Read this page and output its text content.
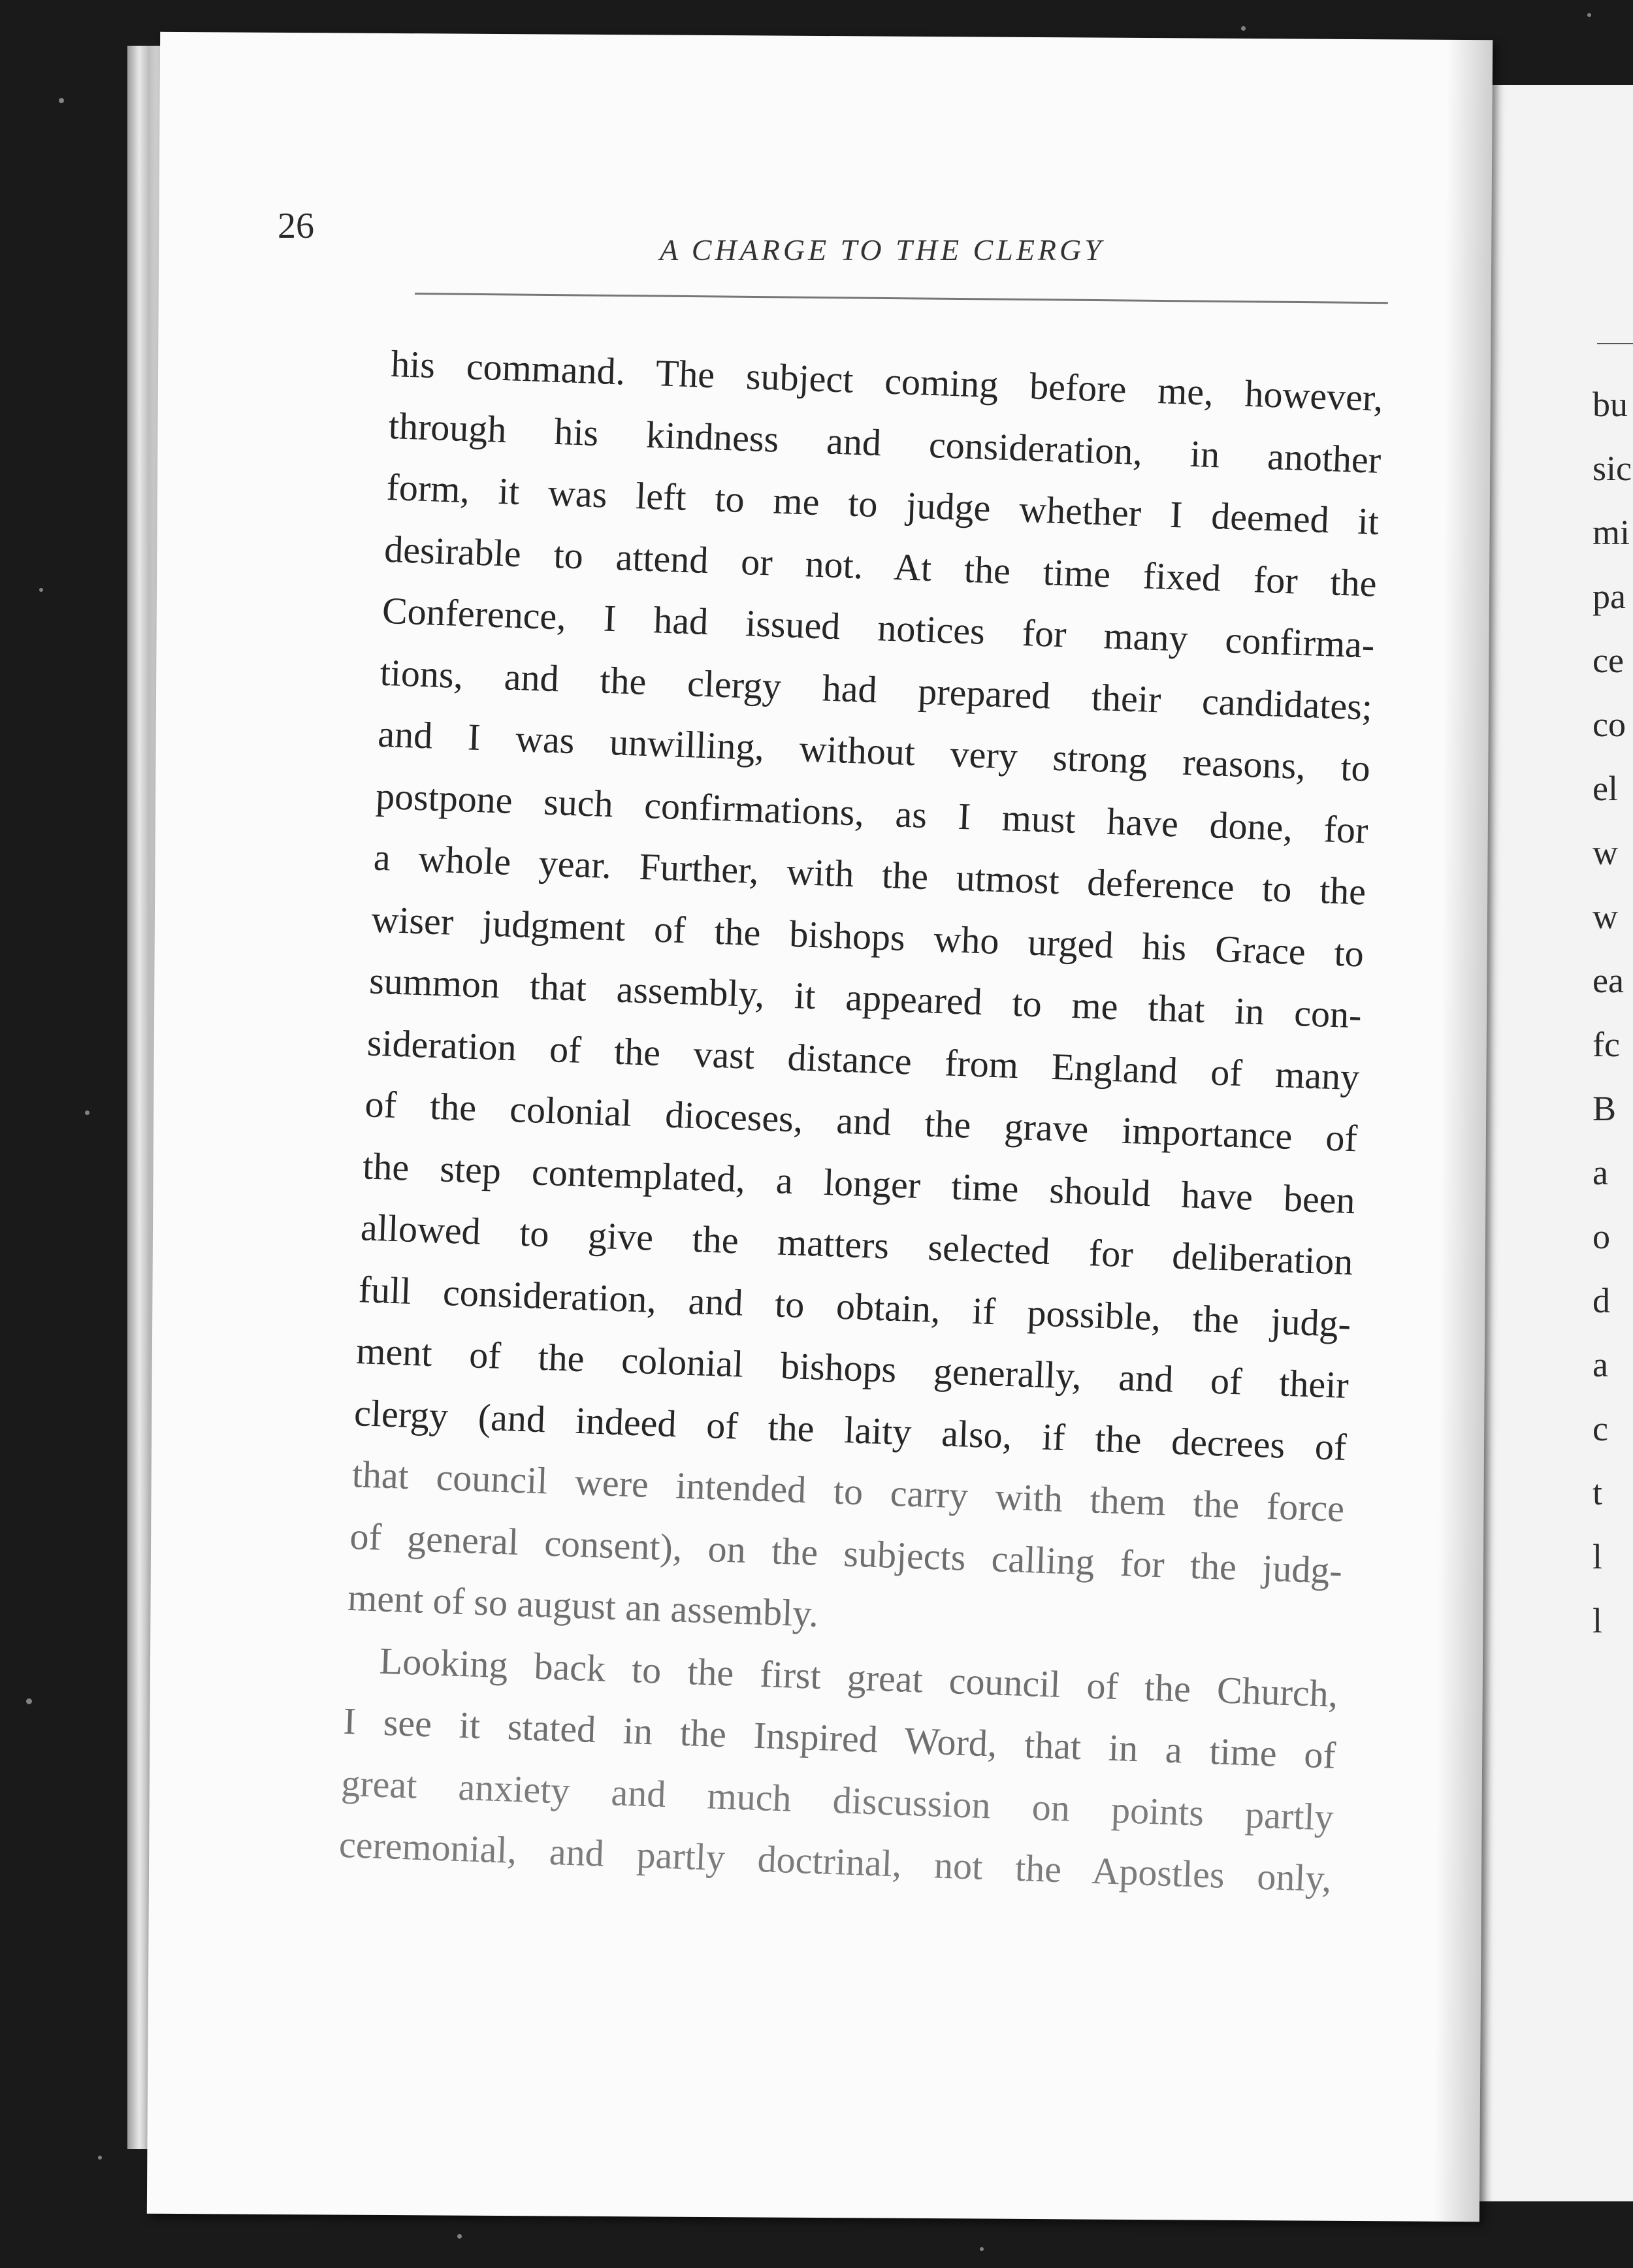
bu
sic
mi
pa
ce
co
el
w
w
ea
fc
B
a
o
d
a
c
t
l
l
26
A CHARGE TO THE CLERGY
his command. The subject coming before me, however,
through his kindness and consideration, in another
form, it was left to me to judge whether I deemed it
desirable to attend or not. At the time fixed for the
Conference, I had issued notices for many confirma-
tions, and the clergy had prepared their candidates;
and I was unwilling, without very strong reasons, to
postpone such confirmations, as I must have done, for
a whole year. Further, with the utmost deference to the
wiser judgment of the bishops who urged his Grace to
summon that assembly, it appeared to me that in con-
sideration of the vast distance from England of many
of the colonial dioceses, and the grave importance of
the step contemplated, a longer time should have been
allowed to give the matters selected for deliberation
full consideration, and to obtain, if possible, the judg-
ment of the colonial bishops generally, and of their
clergy (and indeed of the laity also, if the decrees of
that council were intended to carry with them the force
of general consent), on the subjects calling for the judg-
ment of so august an assembly.
Looking back to the first great council of the Church,
I see it stated in the Inspired Word, that in a time of
great anxiety and much discussion on points partly
ceremonial, and partly doctrinal, not the Apostles only,
